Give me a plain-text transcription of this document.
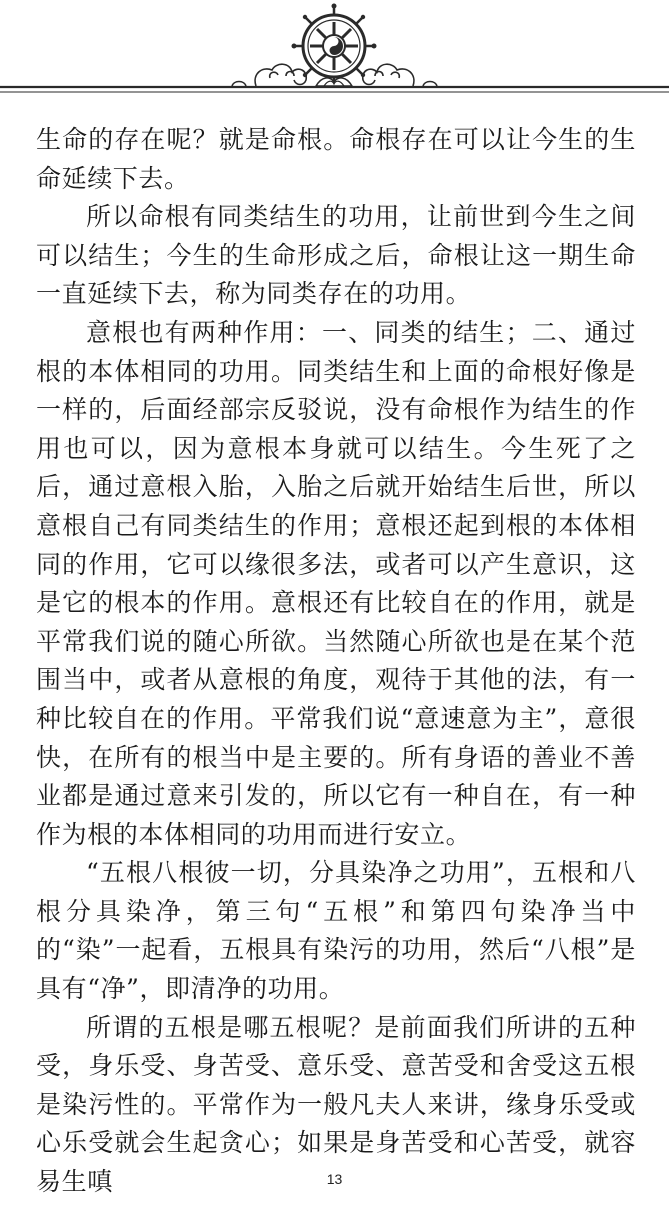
生命的存在呢？就是命根。命根存在可以让今生的生命延续下去。

所以命根有同类结生的功用，让前世到今生之间可以结生；今生的生命形成之后，命根让这一期生命一直延续下去，称为同类存在的功用。

意根也有两种作用：一、同类的结生；二、通过根的本体相同的功用。同类结生和上面的命根好像是一样的，后面经部宗反驳说，没有命根作为结生的作用也可以，因为意根本身就可以结生。今生死了之后，通过意根入胎，入胎之后就开始结生后世，所以意根自己有同类结生的作用；意根还起到根的本体相同的作用，它可以缘很多法，或者可以产生意识，这是它的根本的作用。意根还有比较自在的作用，就是平常我们说的随心所欲。当然随心所欲也是在某个范围当中，或者从意根的角度，观待于其他的法，有一种比较自在的作用。平常我们说“意速意为主”，意很快，在所有的根当中是主要的。所有身语的善业不善业都是通过意来引发的，所以它有一种自在，有一种作为根的本体相同的功用而进行安立。

“五根八根彼一切，分具染净之功用”，五根和八根分具染净，第三句“五根”和第四句染净当中的“染”一起看，五根具有染污的功用，然后“八根”是具有“净”，即清净的功用。

所谓的五根是哪五根呢？是前面我们所讲的五种受，身乐受、身苦受、意乐受、意苦受和舍受这五根是染污性的。平常作为一般凡夫人来讲，缘身乐受或心乐受就会生起贪心；如果是身苦受和心苦受，就容易生嗔	13
